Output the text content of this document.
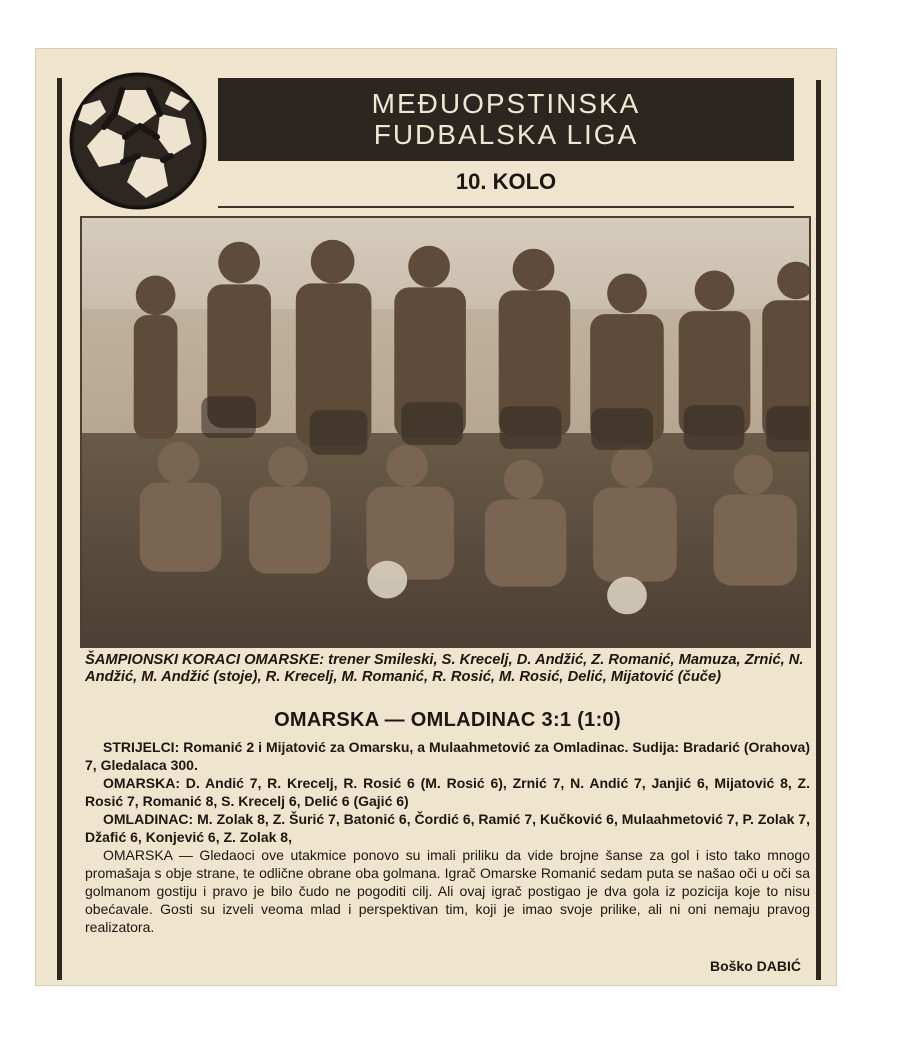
MEĐUOPSTINSKA
FUDBALSKA LIGA
10. KOLO
ŠAMPIONSKI KORACI OMARSKE: trener Smileski, S. Krecelj, D. Andžić, Z. Romanić, Mamuza, Zrnić, N. Andžić, M. Andžić (stoje), R. Krecelj, M. Romanić, R. Rosić, M. Rosić, Delić, Mijatović (čuče)
OMARSKA — OMLADINAC 3:1 (1:0)

STRIJELCI: Romanić 2 i Mijatović za Omarsku, a Mulaahmetović za Omladinac. Sudija: Bradarić (Orahova) 7, Gledalaca 300.

OMARSKA: D. Andić 7, R. Krecelj, R. Rosić 6 (M. Rosić 6), Zrnić 7, N. Andić 7, Janjić 6, Mijatović 8, Z. Rosić 7, Romanić 8, S. Krecelj 6, Delić 6 (Gajić 6)

OMLADINAC: M. Zolak 8, Z. Šurić 7, Batonić 6, Čordić 6, Ramić 7, Kučković 6, Mulaahmetović 7, P. Zolak 7, Džafić 6, Konjević 6, Z. Zolak 8,

OMARSKA — Gledaoci ove utakmice ponovo su imali priliku da vide brojne šanse za gol i isto tako mnogo promašaja s obje strane, te odlične obrane oba golmana. Igrač Omarske Romanić sedam puta se našao oči u oči sa golmanom gostiju i pravo je bilo čudo ne pogoditi cilj. Ali ovaj igrač postigao je dva gola iz pozicija koje to nisu obećavale. Gosti su izveli veoma mlad i perspektivan tim, koji je imao svoje prilike, ali ni oni nemaju pravog realizatora.

Boško DABIĆ
